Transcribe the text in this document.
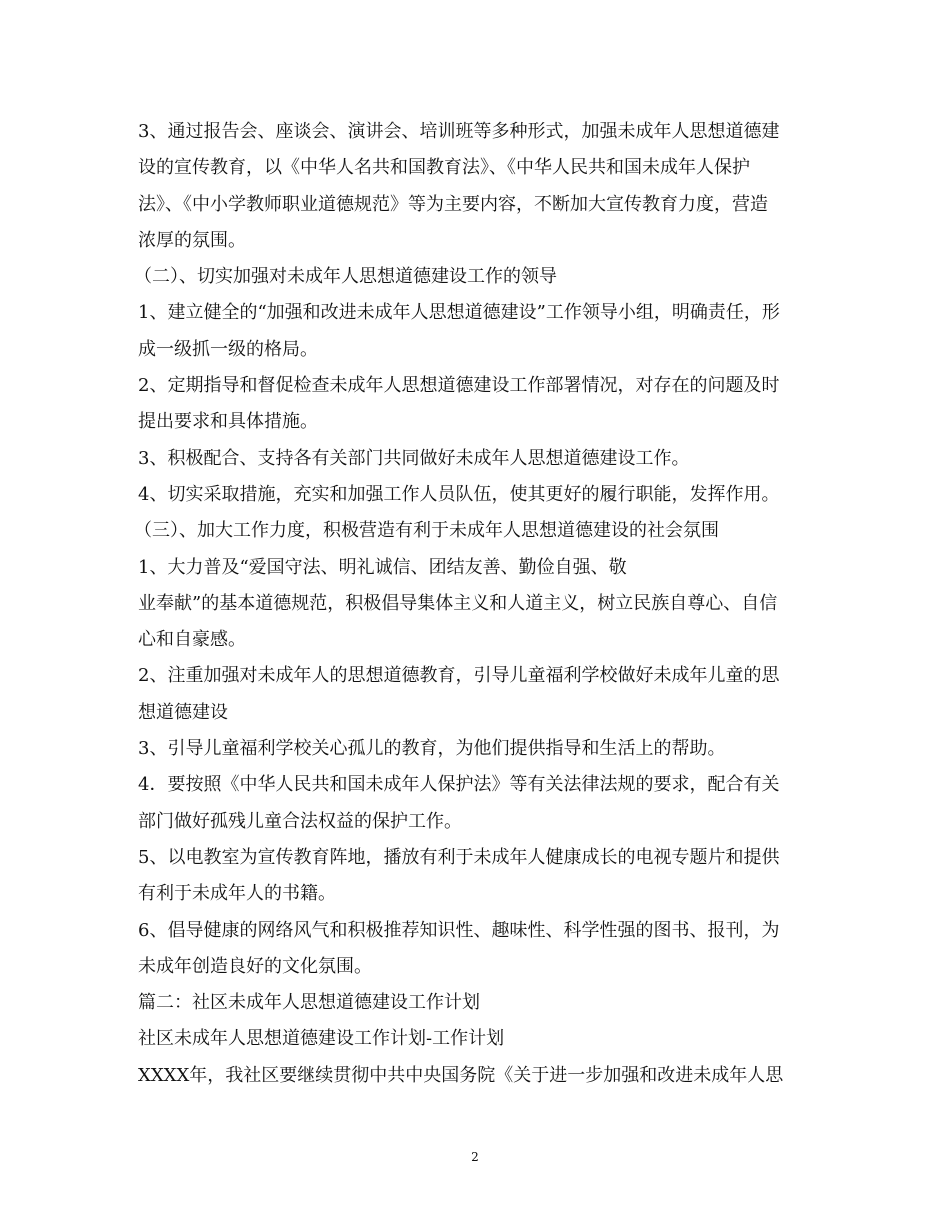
3、通过报告会、座谈会、演讲会、培训班等多种形式，加强未成年人思想道德建
设的宣传教育，以《中华人名共和国教育法》、《中华人民共和国未成年人保护
法》、《中小学教师职业道德规范》等为主要内容，不断加大宣传教育力度，营造
浓厚的氛围。
（二）、切实加强对未成年人思想道德建设工作的领导
1、建立健全的“加强和改进未成年人思想道德建设”工作领导小组，明确责任，形
成一级抓一级的格局。
2、定期指导和督促检查未成年人思想道德建设工作部署情况，对存在的问题及时
提出要求和具体措施。
3、积极配合、支持各有关部门共同做好未成年人思想道德建设工作。
4、切实采取措施，充实和加强工作人员队伍，使其更好的履行职能，发挥作用。
（三）、加大工作力度，积极营造有利于未成年人思想道德建设的社会氛围
1、大力普及“爱国守法、明礼诚信、团结友善、勤俭自强、敬
业奉献”的基本道德规范，积极倡导集体主义和人道主义，树立民族自尊心、自信
心和自豪感。
2、注重加强对未成年人的思想道德教育，引导儿童福利学校做好未成年儿童的思
想道德建设
3、引导儿童福利学校关心孤儿的教育，为他们提供指导和生活上的帮助。
4．要按照《中华人民共和国未成年人保护法》等有关法律法规的要求，配合有关
部门做好孤残儿童合法权益的保护工作。
5、以电教室为宣传教育阵地，播放有利于未成年人健康成长的电视专题片和提供
有利于未成年人的书籍。
6、倡导健康的网络风气和积极推荐知识性、趣味性、科学性强的图书、报刊，为
未成年创造良好的文化氛围。
篇二：社区未成年人思想道德建设工作计划
社区未成年人思想道德建设工作计划-工作计划
XXXX年，我社区要继续贯彻中共中央国务院《关于进一步加强和改进未成年人思
2
